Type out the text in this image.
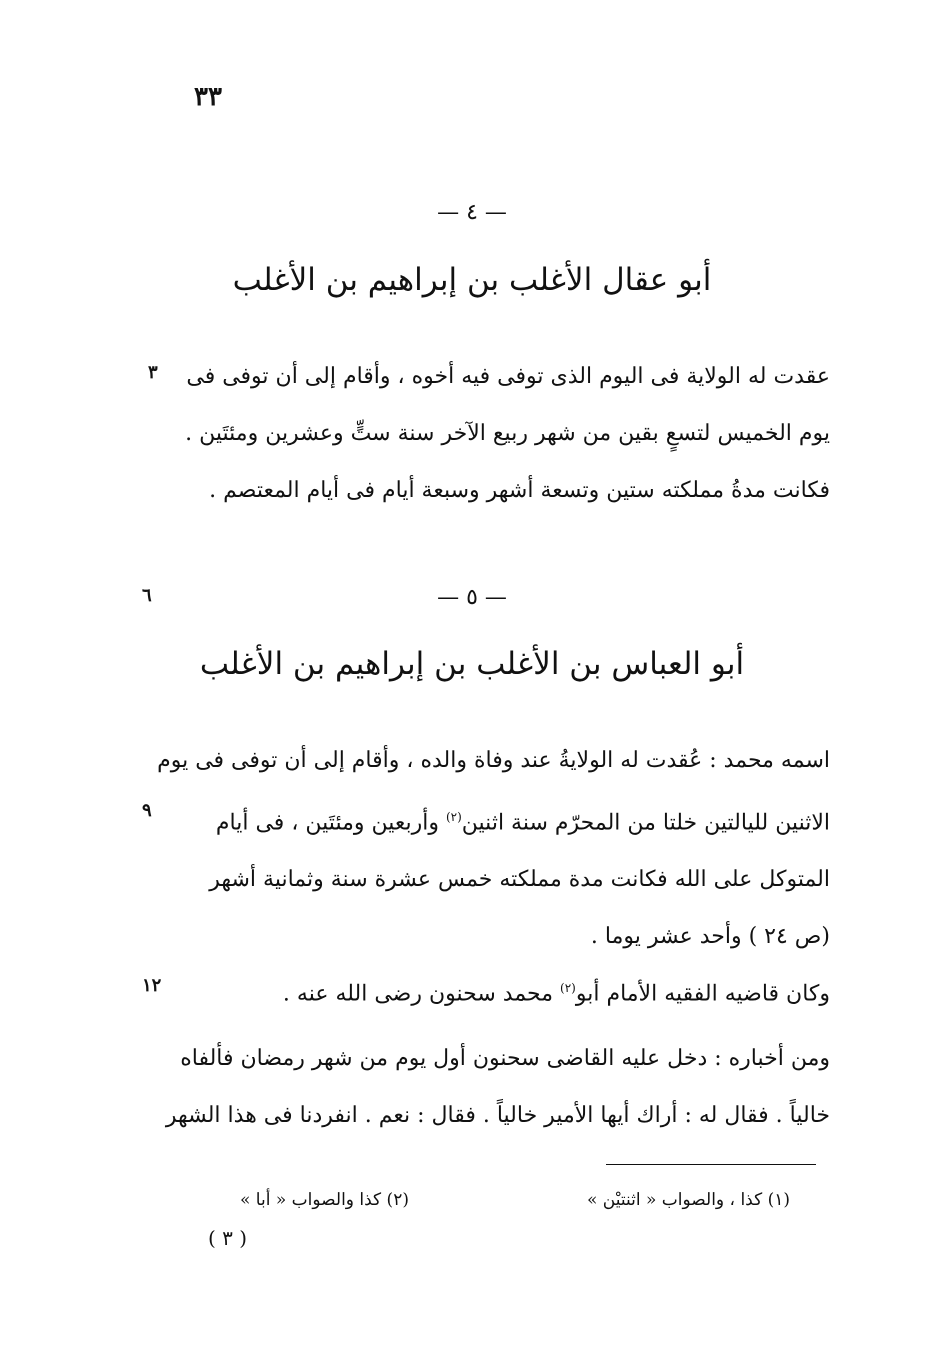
٣٣
— ٤ —
أبو عقال الأغلب بن إبراهيم بن الأغلب
عقدت له الولاية فى اليوم الذى توفى فيه أخوه ، وأقام إلى أن توفى فى
يوم الخميس لتسعٍ بقين من شهر ربيع الآخر سنة ستٍّ وعشرين ومئتَين .
فكانت مدةُ مملكته ستين وتسعة أشهر وسبعة أيام فى أيام المعتصم .
— ٥ —
أبو العباس بن الأغلب بن إبراهيم بن الأغلب
اسمه محمد : عُقدت له الولايةُ عند وفاة والده ، وأقام إلى أن توفى فى يوم
الاثنين لليالتين خلتا من المحرّم سنة اثنين$^{(٢)}$ وأربعين ومئتَين ، فى أيام
المتوكل على الله فكانت مدة مملكته خمس عشرة سنة وثمانية أشهر
(ص ٢٤ ) وأحد عشر يوما .
وكان قاضيه الفقيه الأمام أبو$^{(٢)}$ محمد سحنون رضى الله عنه .
ومن أخباره : دخل عليه القاضى سحنون أول يوم من شهر رمضان فألفاه
خالياً . فقال له : أراك أيها الأمير خالياً . فقال : نعم . انفردنا فى هذا الشهر
٣
٦
٩
١٢
(١) كذا ، والصواب « اثنتيْن »
(٢) كذا والصواب « أبا »
( ٣ )
